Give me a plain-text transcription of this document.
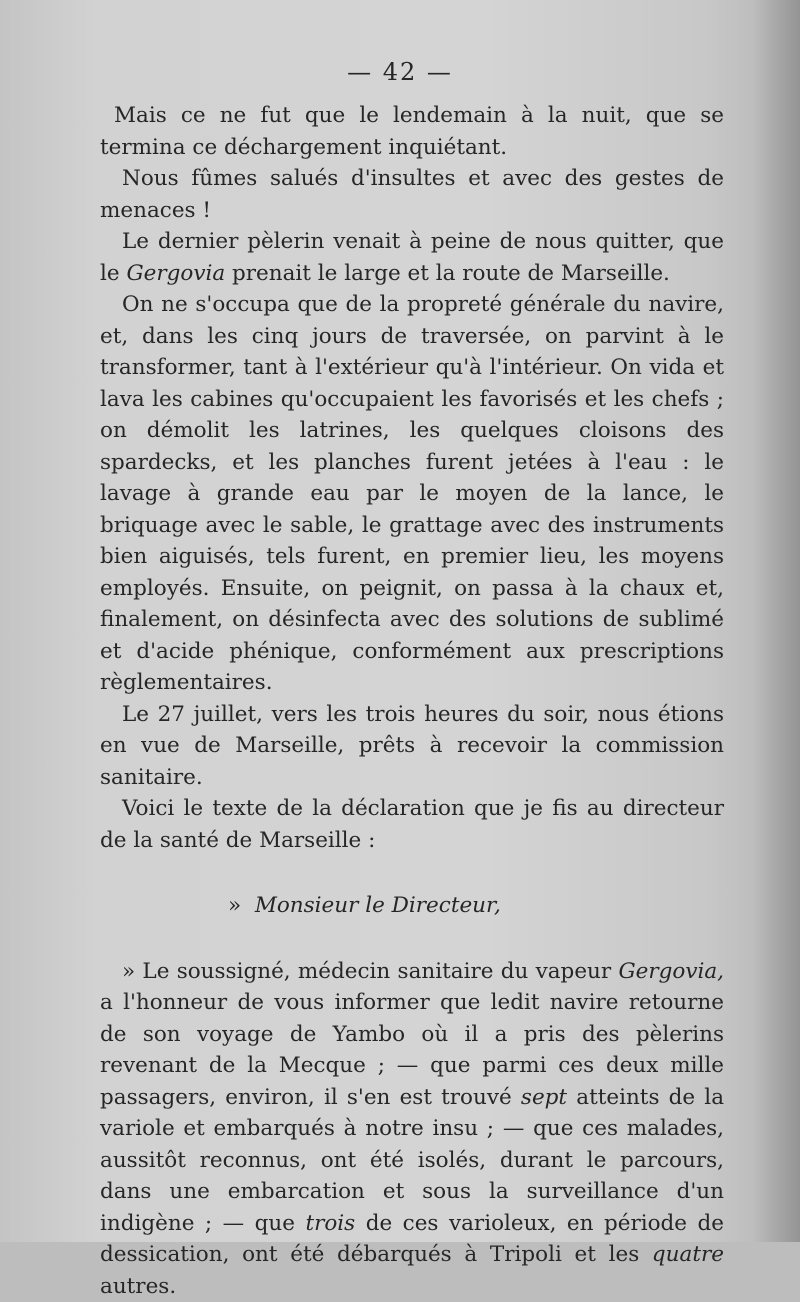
— 42 —

Mais ce ne fut que le lendemain à la nuit, que se termina ce déchargement inquiétant.

Nous fûmes salués d'insultes et avec des gestes de menaces !

Le dernier pèlerin venait à peine de nous quitter, que le Gergovia prenait le large et la route de Marseille.

On ne s'occupa que de la propreté générale du navire, et, dans les cinq jours de traversée, on parvint à le transformer, tant à l'extérieur qu'à l'intérieur. On vida et lava les cabines qu'occupaient les favorisés et les chefs ; on démolit les latrines, les quelques cloisons des spardecks, et les planches furent jetées à l'eau : le lavage à grande eau par le moyen de la lance, le briquage avec le sable, le grattage avec des instruments bien aiguisés, tels furent, en premier lieu, les moyens employés. Ensuite, on peignit, on passa à la chaux et, finalement, on désinfecta avec des solutions de sublimé et d'acide phénique, conformément aux prescriptions règlementaires.

Le 27 juillet, vers les trois heures du soir, nous étions en vue de Marseille, prêts à recevoir la commission sanitaire.

Voici le texte de la déclaration que je fis au directeur de la santé de Marseille :

» Monsieur le Directeur,

» Le soussigné, médecin sanitaire du vapeur Gergovia, a l'honneur de vous informer que ledit navire retourne de son voyage de Yambo où il a pris des pèlerins revenant de la Mecque ; — que parmi ces deux mille passagers, environ, il s'en est trouvé sept atteints de la variole et embarqués à notre insu ; — que ces malades, aussitôt reconnus, ont été isolés, durant le parcours, dans une embarcation et sous la surveillance d'un indigène ; — que trois de ces varioleux, en période de dessication, ont été débarqués à Tripoli et les quatre autres.
